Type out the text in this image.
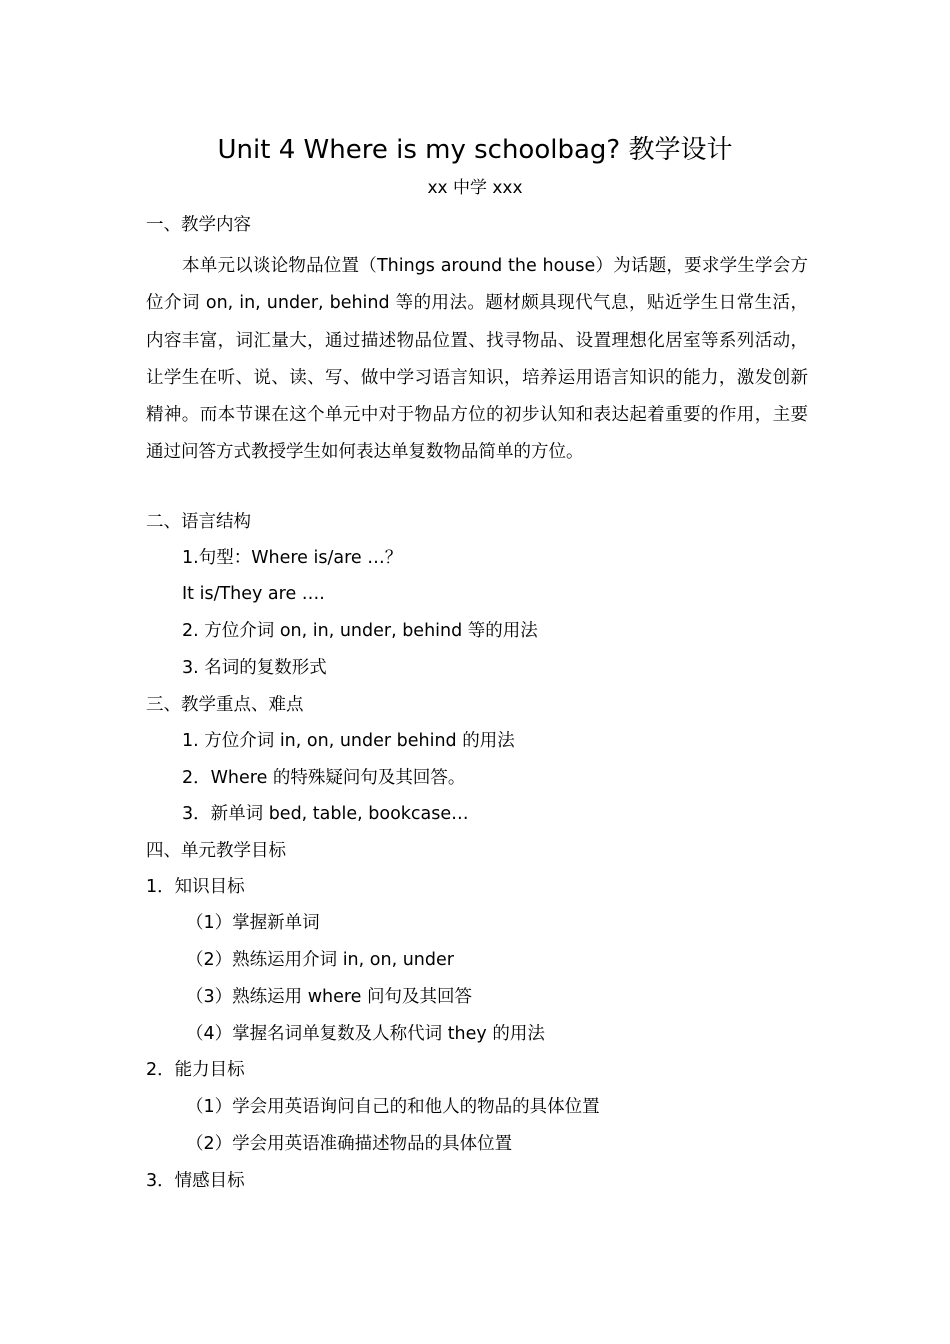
Unit 4 Where is my schoolbag? 教学设计
xx 中学 xxx
一、教学内容
本单元以谈论物品位置（Things around the house）为话题，要求学生学会方位介词 on, in, under, behind 等的用法。题材颇具现代气息，贴近学生日常生活，内容丰富，词汇量大，通过描述物品位置、找寻物品、设置理想化居室等系列活动，让学生在听、说、读、写、做中学习语言知识，培养运用语言知识的能力，激发创新精神。而本节课在这个单元中对于物品方位的初步认知和表达起着重要的作用，主要通过问答方式教授学生如何表达单复数物品简单的方位。
二、语言结构
1.句型：Where is/are …？
It is/They are ….
2. 方位介词 on, in, under, behind 等的用法
3. 名词的复数形式
三、教学重点、难点
1. 方位介词 in, on, under behind 的用法
2．Where 的特殊疑问句及其回答。
3．新单词 bed, table, bookcase…
四、单元教学目标
1．知识目标
（1）掌握新单词
（2）熟练运用介词 in, on, under
（3）熟练运用 where 问句及其回答
（4）掌握名词单复数及人称代词 they 的用法
2．能力目标
（1）学会用英语询问自己的和他人的物品的具体位置
（2）学会用英语准确描述物品的具体位置
3．情感目标
